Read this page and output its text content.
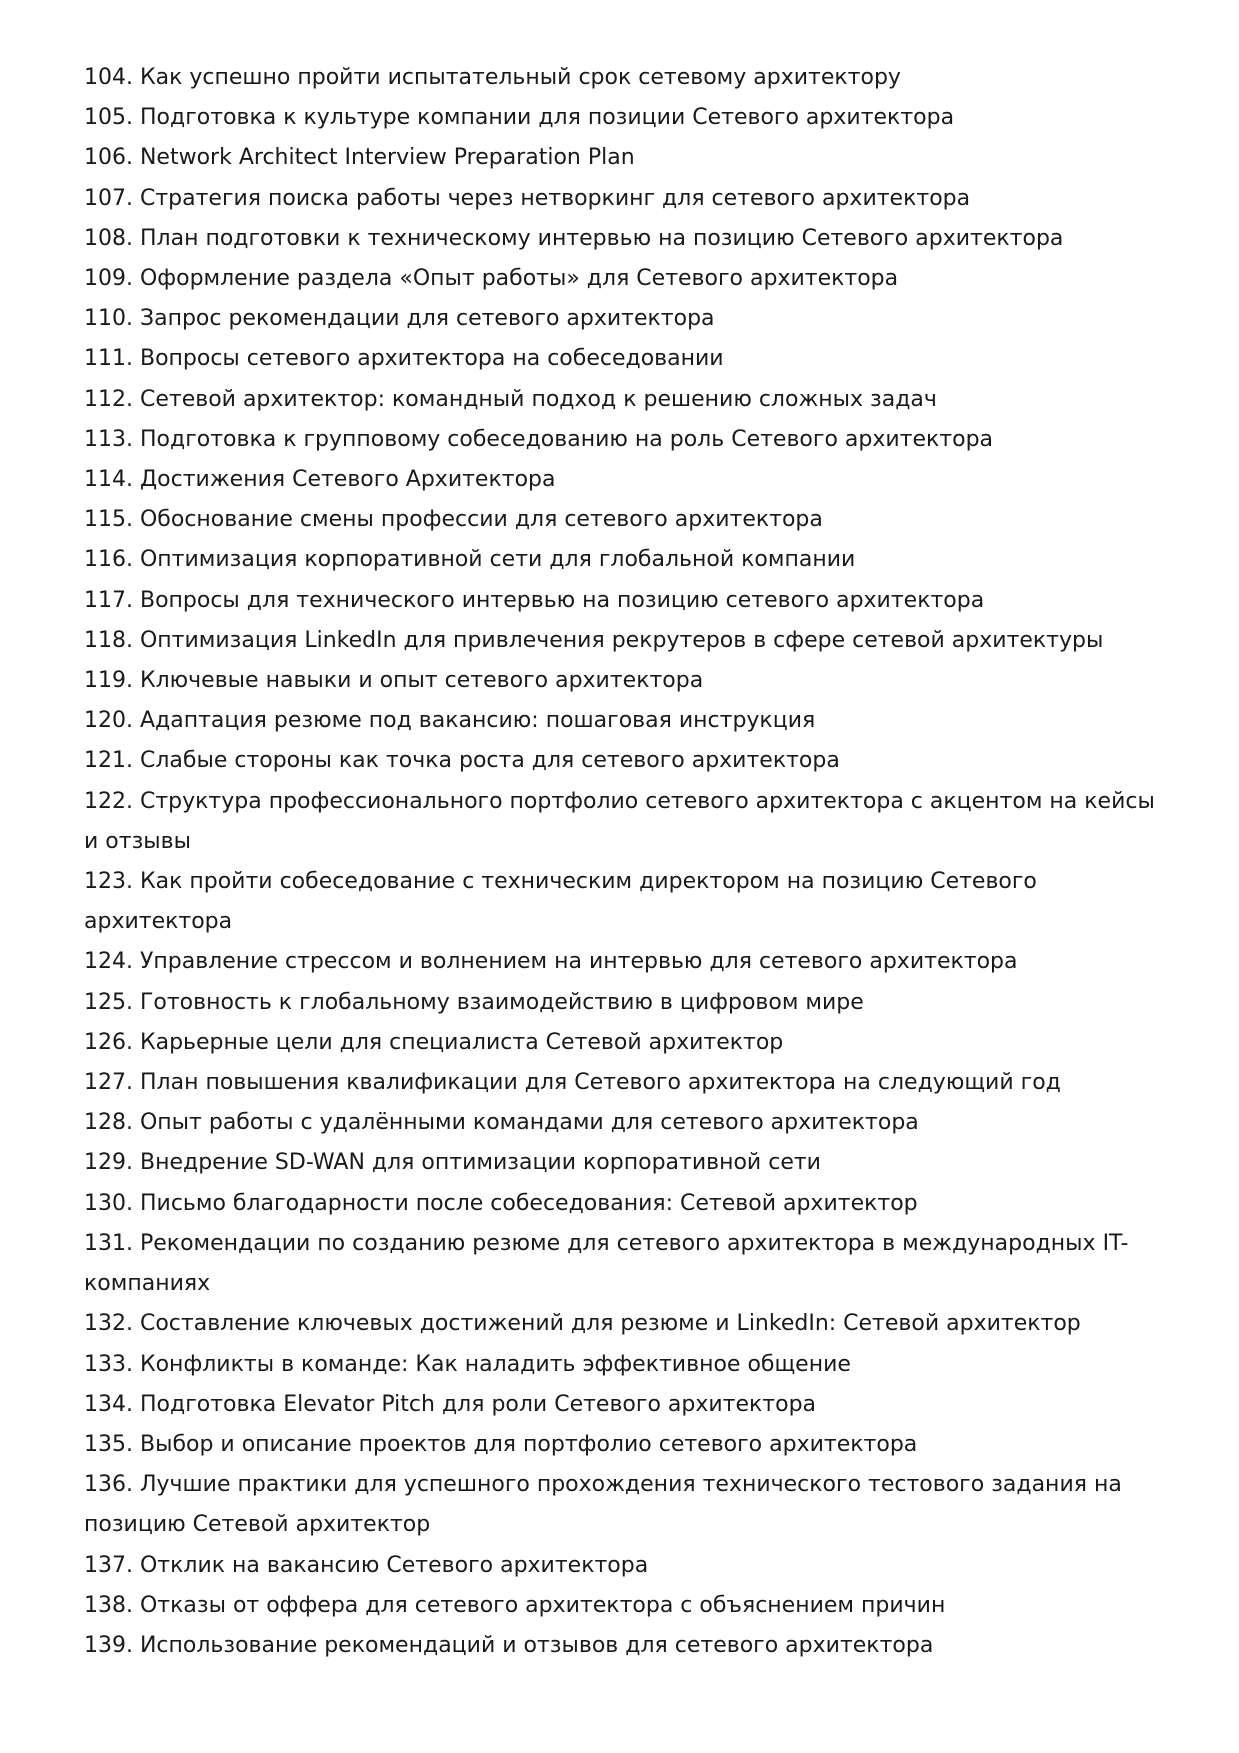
104. Как успешно пройти испытательный срок сетевому архитектору
105. Подготовка к культуре компании для позиции Сетевого архитектора
106. Network Architect Interview Preparation Plan
107. Стратегия поиска работы через нетворкинг для сетевого архитектора
108. План подготовки к техническому интервью на позицию Сетевого архитектора
109. Оформление раздела «Опыт работы» для Сетевого архитектора
110. Запрос рекомендации для сетевого архитектора
111. Вопросы сетевого архитектора на собеседовании
112. Сетевой архитектор: командный подход к решению сложных задач
113. Подготовка к групповому собеседованию на роль Сетевого архитектора
114. Достижения Сетевого Архитектора
115. Обоснование смены профессии для сетевого архитектора
116. Оптимизация корпоративной сети для глобальной компании
117. Вопросы для технического интервью на позицию сетевого архитектора
118. Оптимизация LinkedIn для привлечения рекрутеров в сфере сетевой архитектуры
119. Ключевые навыки и опыт сетевого архитектора
120. Адаптация резюме под вакансию: пошаговая инструкция
121. Слабые стороны как точка роста для сетевого архитектора
122. Структура профессионального портфолио сетевого архитектора с акцентом на кейсы и отзывы
123. Как пройти собеседование с техническим директором на позицию Сетевого архитектора
124. Управление стрессом и волнением на интервью для сетевого архитектора
125. Готовность к глобальному взаимодействию в цифровом мире
126. Карьерные цели для специалиста Сетевой архитектор
127. План повышения квалификации для Сетевого архитектора на следующий год
128. Опыт работы с удалёнными командами для сетевого архитектора
129. Внедрение SD-WAN для оптимизации корпоративной сети
130. Письмо благодарности после собеседования: Сетевой архитектор
131. Рекомендации по созданию резюме для сетевого архитектора в международных IT-компаниях
132. Составление ключевых достижений для резюме и LinkedIn: Сетевой архитектор
133. Конфликты в команде: Как наладить эффективное общение
134. Подготовка Elevator Pitch для роли Сетевого архитектора
135. Выбор и описание проектов для портфолио сетевого архитектора
136. Лучшие практики для успешного прохождения технического тестового задания на позицию Сетевой архитектор
137. Отклик на вакансию Сетевого архитектора
138. Отказы от оффера для сетевого архитектора с объяснением причин
139. Использование рекомендаций и отзывов для сетевого архитектора
